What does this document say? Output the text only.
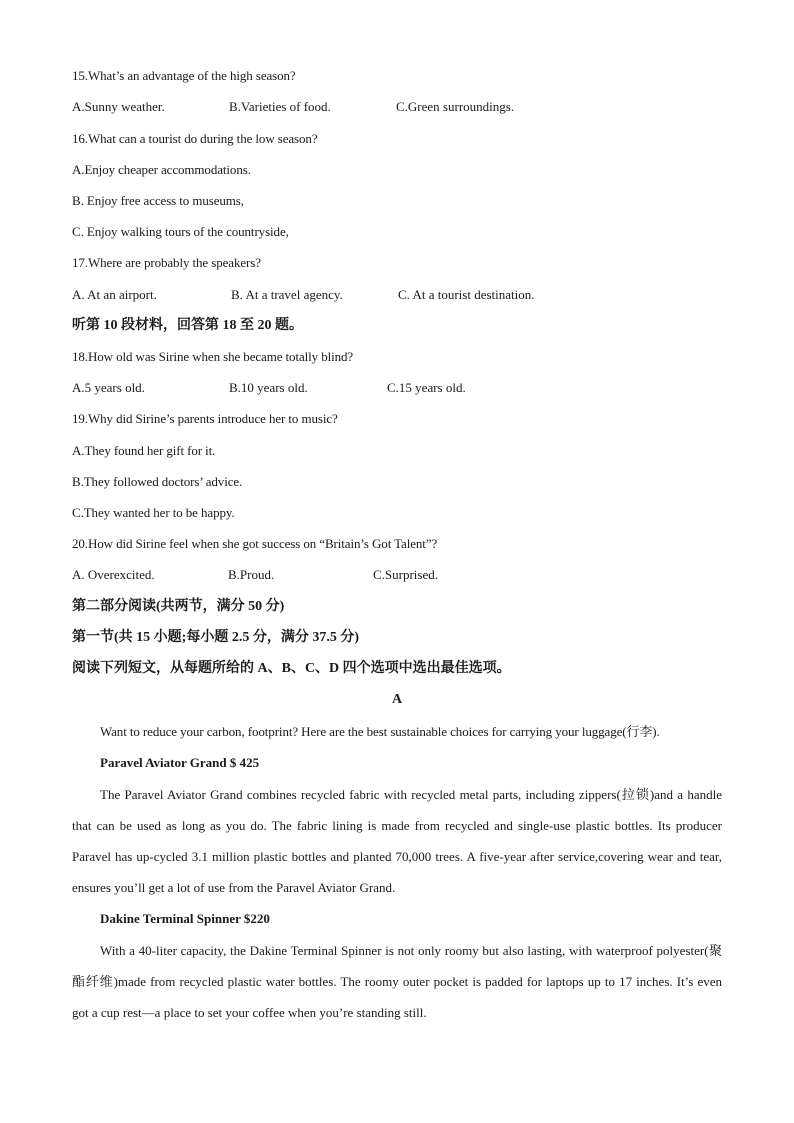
15.What’s an advantage of the high season?
A.Sunny weather.	B.Varieties of food.	C.Green surroundings.
16.What can a tourist do during the low season?
A.Enjoy cheaper accommodations.
B. Enjoy free access to museums,
C. Enjoy walking tours of the countryside,
17.Where are probably the speakers?
A. At an airport.	B. At a travel agency.	C. At a tourist destination.
听第 10 段材料，回答第 18 至 20 题。
18.How old was Sirine when she became totally blind?
A.5 years old.	B.10 years old.	C.15 years old.
19.Why did Sirine’s parents introduce her to music?
A.They found her gift for it.
B.They followed doctors’ advice.
C.They wanted her to be happy.
20.How did Sirine feel when she got success on “Britain’s Got Talent”?
A. Overexcited.	B.Proud.	C.Surprised.
第二部分阅读(共两节，满分 50 分)
第一节(共 15 小题;每小题 2.5 分，满分 37.5 分)
阅读下列短文，从每题所给的 A、B、C、D 四个选项中选出最佳选项。
A
Want to reduce your carbon, footprint? Here are the best sustainable choices for carrying your luggage(行李).
Paravel Aviator Grand $ 425

The Paravel Aviator Grand combines recycled fabric with recycled metal parts, including zippers(拉锁)and a handle that can be used as long as you do. The fabric lining is made from recycled and single-use plastic bottles. Its producer Paravel has up-cycled 3.1 million plastic bottles and planted 70,000 trees. A five-year after service,covering wear and tear, ensures you’ll get a lot of use from the Paravel Aviator Grand.

Dakine Terminal Spinner $220

With a 40-liter capacity, the Dakine Terminal Spinner is not only roomy but also lasting, with waterproof polyester(聚酯纤维)made from recycled plastic water bottles. The roomy outer pocket is padded for laptops up to 17 inches. It’s even got a cup rest—a place to set your coffee when you’re standing still.
